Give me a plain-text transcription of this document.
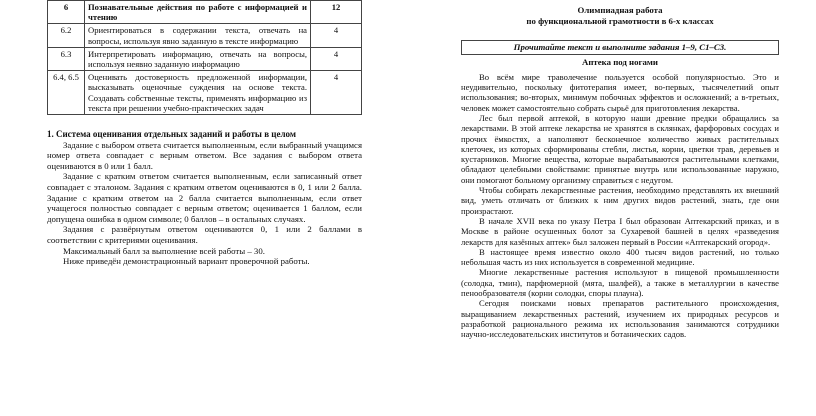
6	Познавательные действия по работе с информацией и чтению	12
6.2	Ориентироваться в содержании текста, отвечать на вопросы, используя явно заданную в тексте информацию	4
6.3	Интерпретировать информацию, отвечать на вопросы, используя неявно заданную информацию	4
6.4, 6.5	Оценивать достоверность предложенной информации, высказывать оценочные суждения на основе текста. Создавать собственные тексты, применять информацию из текста при решении учебно-практических задач	4
1. Система оценивания отдельных заданий и работы в целом

Задание с выбором ответа считается выполненным, если выбранный учащимся номер ответа совпадает с верным ответом. Все задания с выбором ответа оцениваются в 0 или 1 балл.

Задание с кратким ответом считается выполненным, если записанный ответ совпадает с эталоном. Задания с кратким ответом оцениваются в 0, 1 или 2 балла. Задание с кратким ответом на 2 балла считается выполненным, если ответ учащегося полностью совпадает с верным ответом; оценивается 1 баллом, если допущена ошибка в одном символе; 0 баллов – в остальных случаях.

Задания с развёрнутым ответом оцениваются 0, 1 или 2 баллами в соответствии с критериями оценивания.

Максимальный балл за выполнение всей работы – 30.

Ниже приведён демонстрационный вариант проверочной работы.

Олимпиадная работа
по функциональной грамотности в 6-х классах
Прочитайте текст и выполните задания 1–9, С1–С3.
Аптека под ногами

Во всём мире траволечение пользуется особой популярностью. Это и неудивительно, поскольку фитотерапия имеет, во-первых, тысячелетний опыт использования; во-вторых, минимум побочных эффектов и осложнений; а в-третьих, человек может самостоятельно собрать сырьё для приготовления лекарства.

Лес был первой аптекой, в которую наши древние предки обращались за лекарствами. В этой аптеке лекарства не хранятся в склянках, фарфоровых сосудах и прочих ёмкостях, а наполняют бесконечное количество живых растительных клеточек, из которых сформированы стебли, листья, корни, цветки трав, деревьев и кустарников. Многие вещества, которые вырабатываются растительными клетками, обладают целебными свойствами: принятые внутрь или использованные наружно, они помогают больному организму справиться с недугом.

Чтобы собирать лекарственные растения, необходимо представлять их внешний вид, уметь отличать от близких к ним других видов растений, знать, где они произрастают.

В начале XVII века по указу Петра I был образован Аптекарский приказ, и в Москве в районе осушенных болот за Сухаревой башней в целях «разведения лекарств для казённых аптек» был заложен первый в России «Аптекарский огород».

В настоящее время известно около 400 тысяч видов растений, но только небольшая часть из них используется в современной медицине.

Многие лекарственные растения используют в пищевой промышленности (солодка, тмин), парфюмерной (мята, шалфей), а также в металлургии в качестве пенообразователя (корни солодки, споры плауна).

Сегодня поисками новых препаратов растительного происхождения, выращиванием лекарственных растений, изучением их природных ресурсов и разработкой рационального режима их использования занимаются сотрудники научно-исследовательских институтов и ботанических садов.
